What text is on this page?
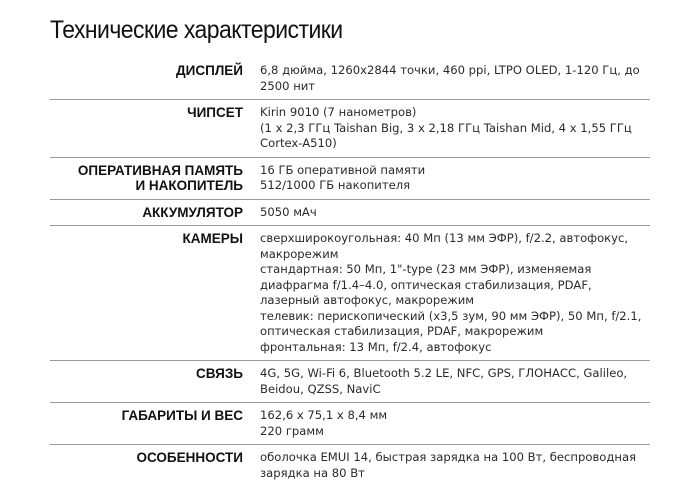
Технические характеристики
ДИСПЛЕЙ 6,8 дюйма, 1260x2844 точки, 460 ppi, LTPO OLED, 1-120 Гц, до 2500 нит
ЧИПСЕТ Kirin 9010 (7 нанометров)
(1 x 2,3 ГГц Taishan Big, 3 x 2,18 ГГц Taishan Mid, 4 x 1,55 ГГц Cortex-A510)
ОПЕРАТИВНАЯ ПАМЯТЬ
И НАКОПИТЕЛЬ
16 ГБ оперативной памяти
512/1000 ГБ накопителя
АККУМУЛЯТОР 5050 мАч
КАМЕРЫ сверхширокоугольная: 40 Мп (13 мм ЭФР), f/2.2, автофокус, макрорежим
стандартная: 50 Мп, 1"-type (23 мм ЭФР), изменяемая диафрагма f/1.4–4.0, оптическая стабилизация, PDAF, лазерный автофокус, макрорежим
телевик: перископический (x3,5 зум, 90 мм ЭФР), 50 Мп, f/2.1, оптическая стабилизация, PDAF, макрорежим
фронтальная: 13 Мп, f/2.4, автофокус
СВЯЗЬ 4G, 5G, Wi-Fi 6, Bluetooth 5.2 LE, NFC, GPS, ГЛОНАСС, Galileo, Beidou, QZSS, NaviC
ГАБАРИТЫ И ВЕС 162,6 x 75,1 x 8,4 мм
220 грамм
ОСОБЕННОСТИ оболочка EMUI 14, быстрая зарядка на 100 Вт, беспроводная зарядка на 80 Вт
